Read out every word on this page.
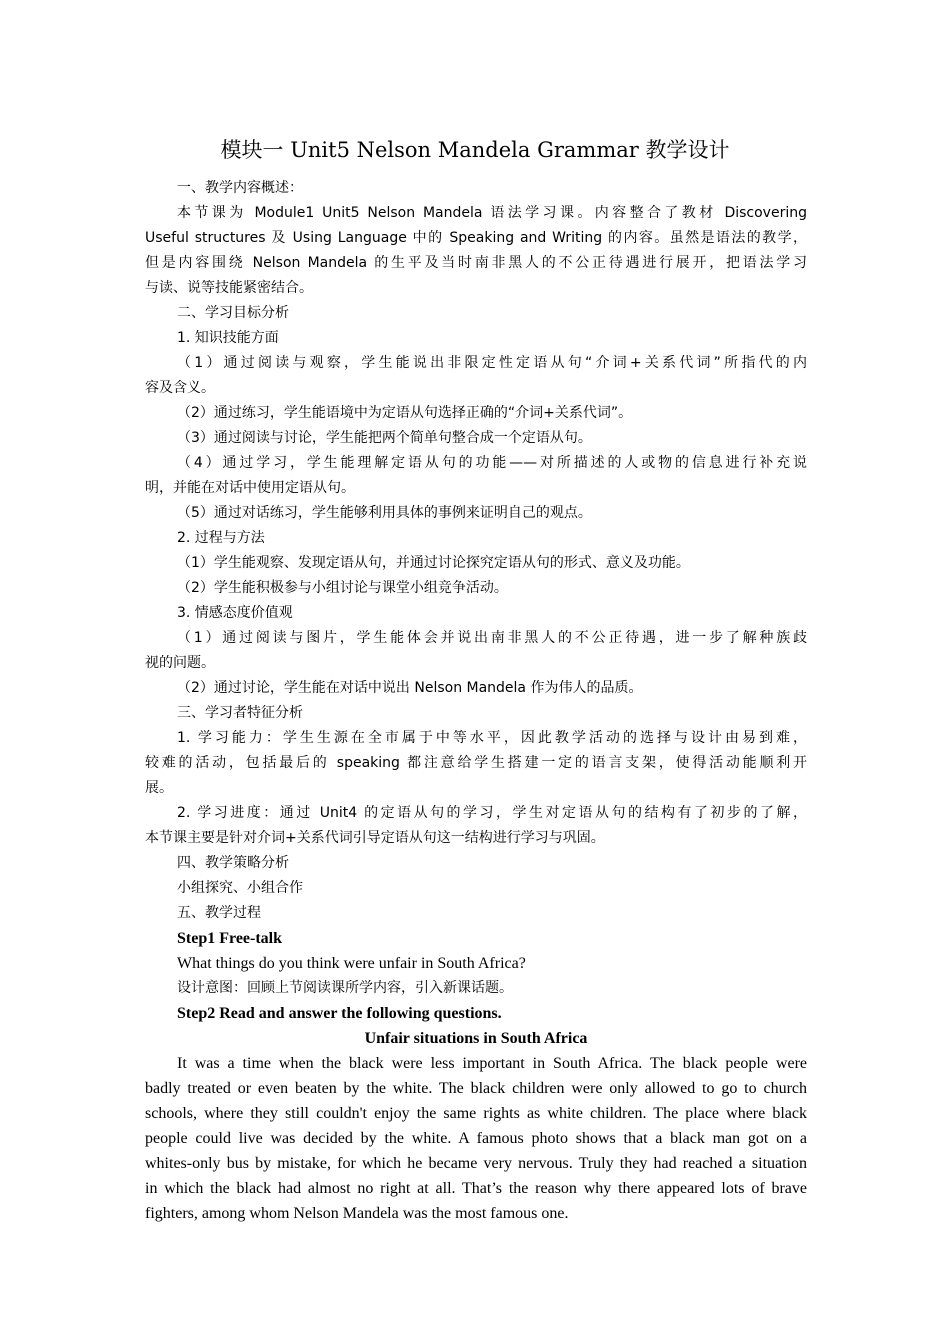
模块一 Unit5 Nelson Mandela Grammar 教学设计
一、教学内容概述：
本节课为 Module1 Unit5 Nelson Mandela 语法学习课。内容整合了教材 Discovering
Useful structures 及 Using Language 中的 Speaking and Writing 的内容。虽然是语法的教学，
但是内容围绕 Nelson Mandela 的生平及当时南非黑人的不公正待遇进行展开，把语法学习
与读、说等技能紧密结合。
二、学习目标分析
1. 知识技能方面
（1）通过阅读与观察，学生能说出非限定性定语从句“介词+关系代词”所指代的内
容及含义。
（2）通过练习，学生能语境中为定语从句选择正确的“介词+关系代词”。
（3）通过阅读与讨论，学生能把两个简单句整合成一个定语从句。
（4）通过学习，学生能理解定语从句的功能——对所描述的人或物的信息进行补充说
明，并能在对话中使用定语从句。
（5）通过对话练习，学生能够利用具体的事例来证明自己的观点。
2. 过程与方法
（1）学生能观察、发现定语从句，并通过讨论探究定语从句的形式、意义及功能。
（2）学生能积极参与小组讨论与课堂小组竞争活动。
3. 情感态度价值观
（1）通过阅读与图片，学生能体会并说出南非黑人的不公正待遇，进一步了解种族歧
视的问题。
（2）通过讨论，学生能在对话中说出 Nelson Mandela 作为伟人的品质。
三、学习者特征分析
1. 学习能力：学生生源在全市属于中等水平，因此教学活动的选择与设计由易到难，
较难的活动，包括最后的 speaking 都注意给学生搭建一定的语言支架，使得活动能顺利开
展。
2. 学习进度：通过 Unit4 的定语从句的学习，学生对定语从句的结构有了初步的了解，
本节课主要是针对介词+关系代词引导定语从句这一结构进行学习与巩固。
四、教学策略分析
小组探究、小组合作
五、教学过程
Step1 Free-talk
What things do you think were unfair in South Africa?
设计意图：回顾上节阅读课所学内容，引入新课话题。
Step2 Read and answer the following questions.
Unfair situations in South Africa
It was a time when the black were less important in South Africa. The black people were
badly treated or even beaten by the white. The black children were only allowed to go to church
schools, where they still couldn't enjoy the same rights as white children. The place where black
people could live was decided by the white. A famous photo shows that a black man got on a
whites-only bus by mistake, for which he became very nervous. Truly they had reached a situation
in which the black had almost no right at all. That’s the reason why there appeared lots of brave
fighters, among whom Nelson Mandela was the most famous one.
